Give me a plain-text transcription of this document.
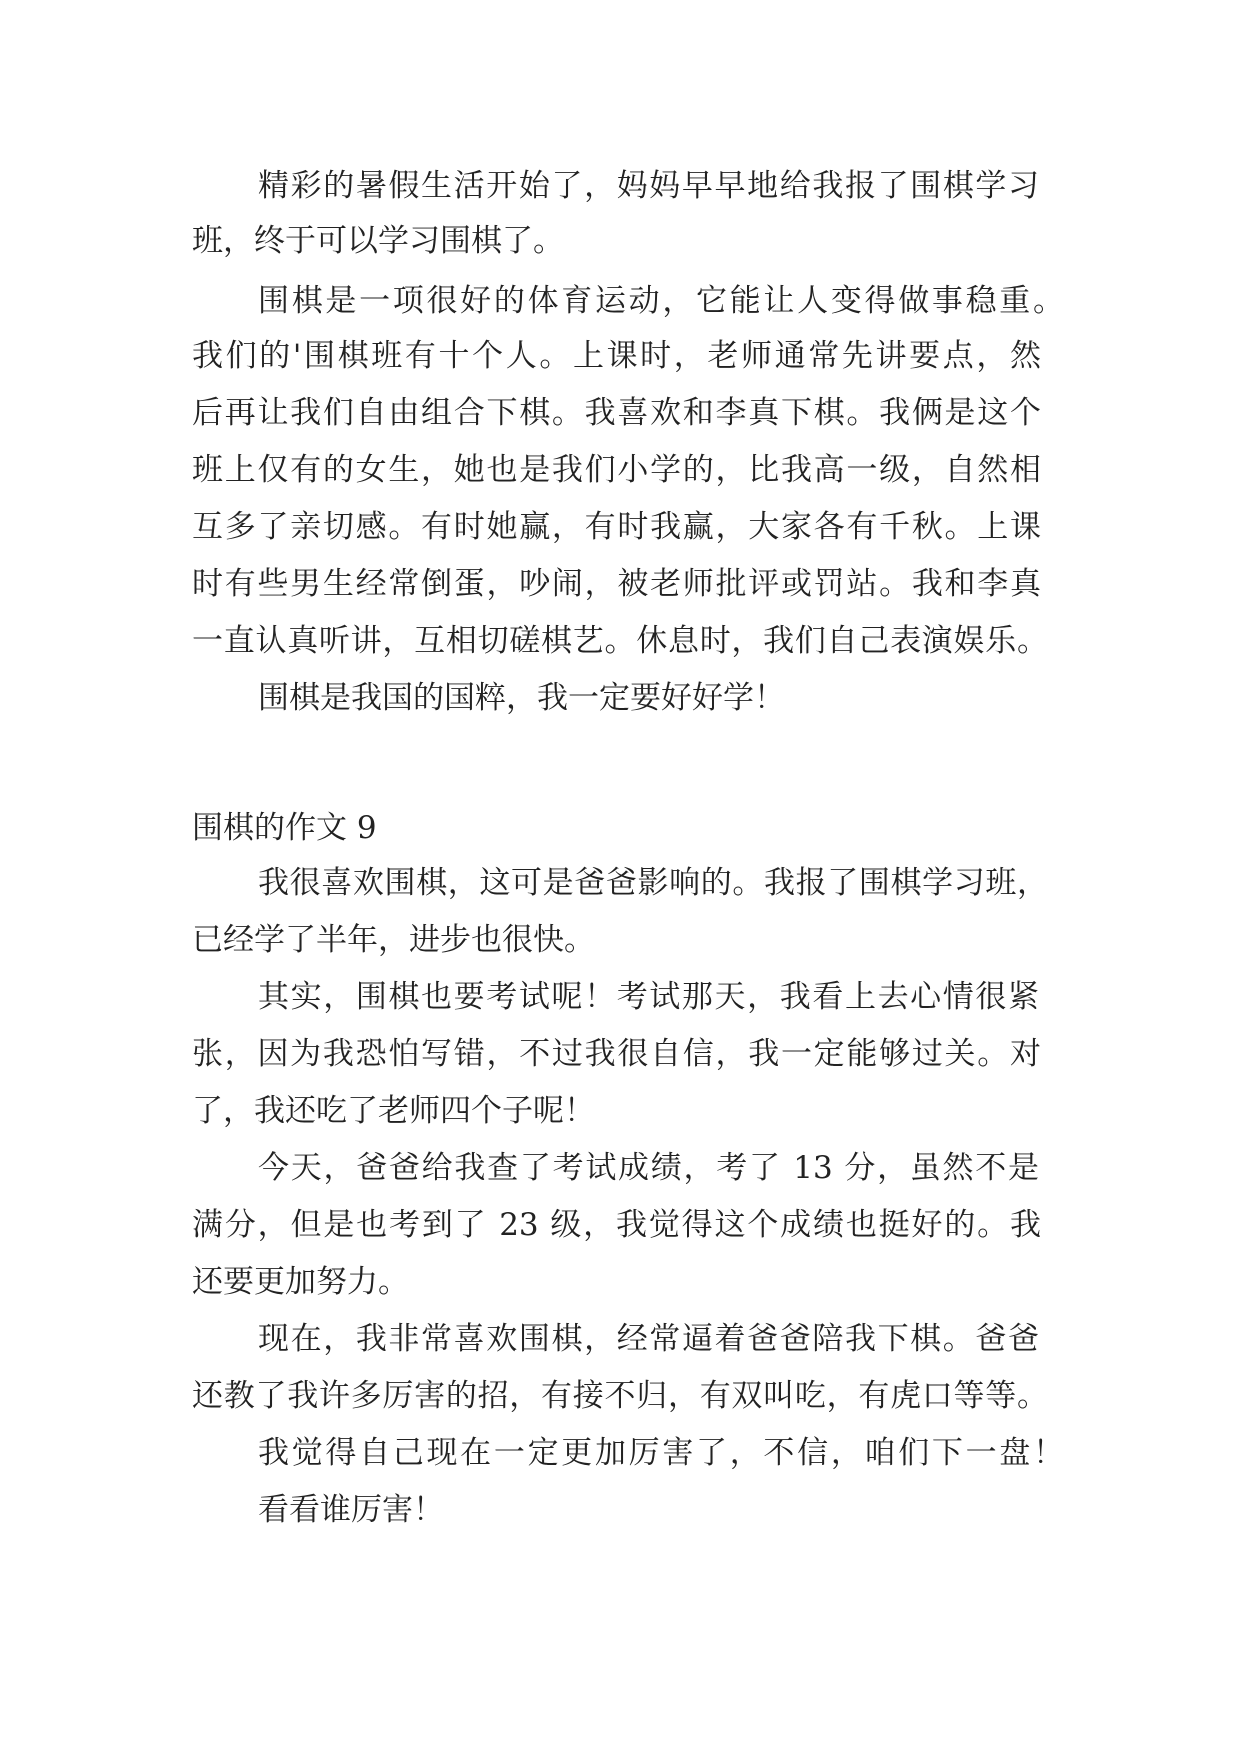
精彩的暑假生活开始了，妈妈早早地给我报了围棋学习
班，终于可以学习围棋了。
围棋是一项很好的体育运动，它能让人变得做事稳重。
我们的'围棋班有十个人。上课时，老师通常先讲要点，然
后再让我们自由组合下棋。我喜欢和李真下棋。我俩是这个
班上仅有的女生，她也是我们小学的，比我高一级，自然相
互多了亲切感。有时她赢，有时我赢，大家各有千秋。上课
时有些男生经常倒蛋，吵闹，被老师批评或罚站。我和李真
一直认真听讲，互相切磋棋艺。休息时，我们自己表演娱乐。
围棋是我国的国粹，我一定要好好学！
围棋的作文 9
我很喜欢围棋，这可是爸爸影响的。我报了围棋学习班，
已经学了半年，进步也很快。
其实，围棋也要考试呢！考试那天，我看上去心情很紧
张，因为我恐怕写错，不过我很自信，我一定能够过关。对
了，我还吃了老师四个子呢！
今天，爸爸给我查了考试成绩，考了 13 分，虽然不是
满分，但是也考到了 23 级，我觉得这个成绩也挺好的。我
还要更加努力。
现在，我非常喜欢围棋，经常逼着爸爸陪我下棋。爸爸
还教了我许多厉害的招，有接不归，有双叫吃，有虎口等等。
我觉得自己现在一定更加厉害了，不信，咱们下一盘！
看看谁厉害！
